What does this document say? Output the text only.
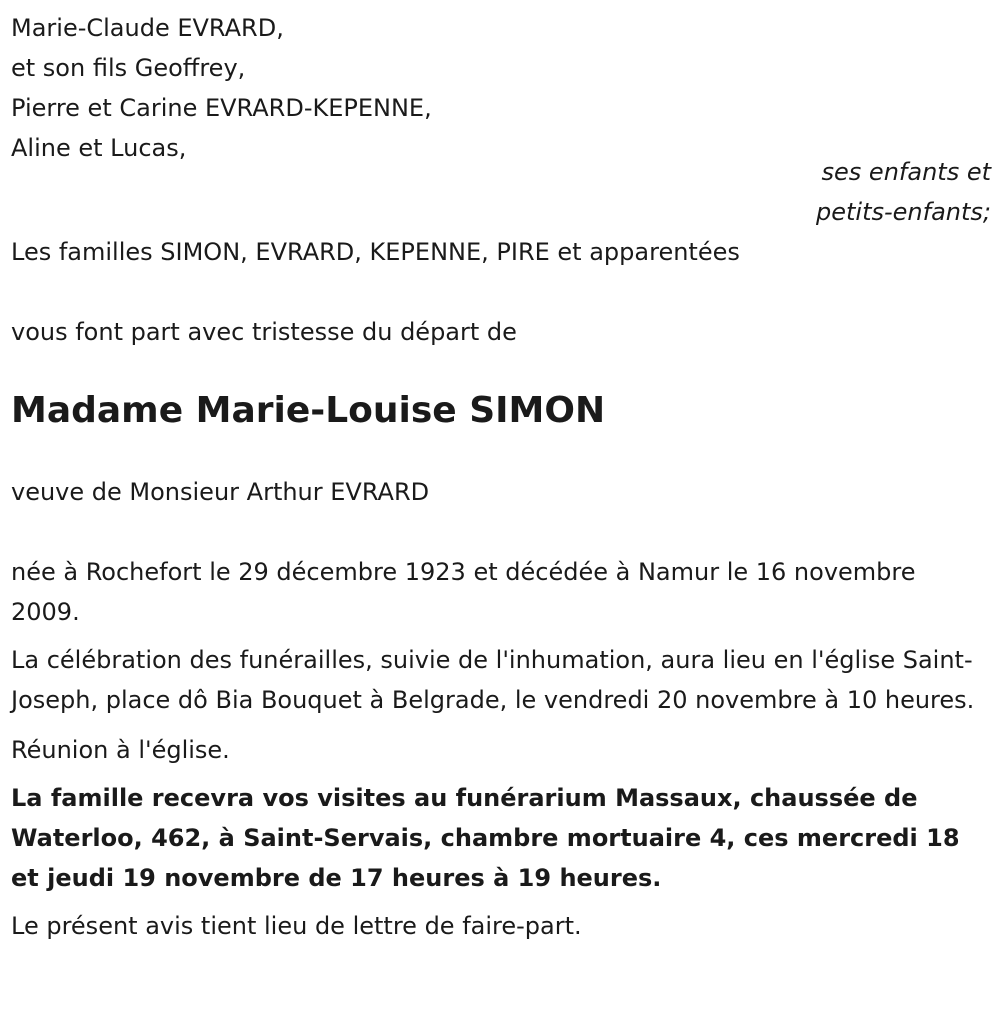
Marie-Claude EVRARD,
et son fils Geoffrey,
Pierre et Carine EVRARD-KEPENNE,
Aline et Lucas,
ses enfants et
petits-enfants;
Les familles SIMON, EVRARD, KEPENNE, PIRE et apparentées
vous font part avec tristesse du départ de
Madame Marie-Louise SIMON
veuve de Monsieur Arthur EVRARD
née à Rochefort le 29 décembre 1923 et décédée à Namur le 16 novembre 2009.
La célébration des funérailles, suivie de l'inhumation, aura lieu en l'église Saint-Joseph, place dô Bia Bouquet à Belgrade, le vendredi 20 novembre à 10 heures.
Réunion à l'église.
La famille recevra vos visites au funérarium Massaux, chaussée de Waterloo, 462, à Saint-Servais, chambre mortuaire 4, ces mercredi 18 et jeudi 19 novembre de 17 heures à 19 heures.
Le présent avis tient lieu de lettre de faire-part.
